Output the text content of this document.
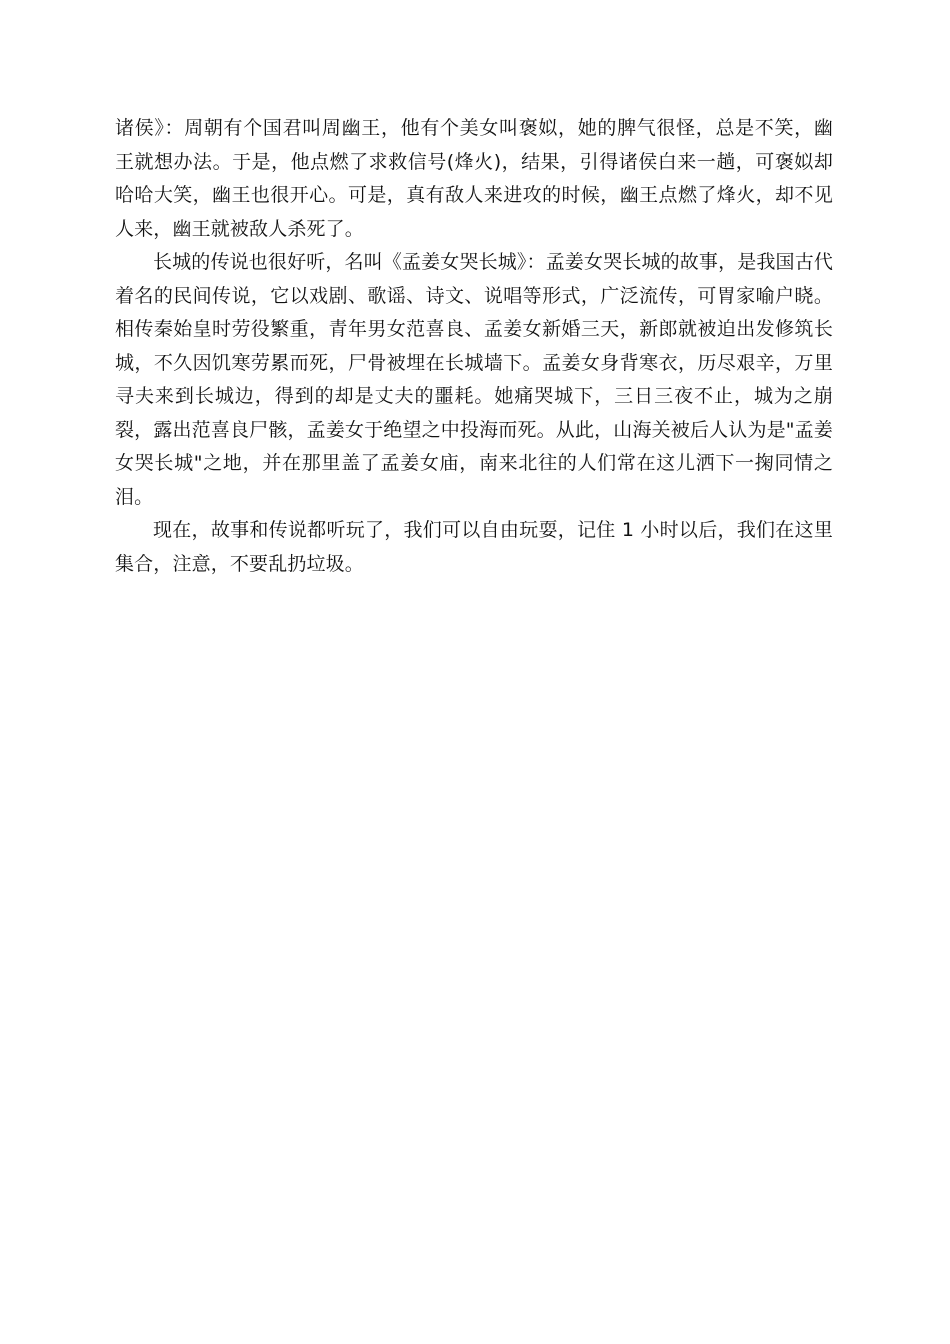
诸侯》：周朝有个国君叫周幽王，他有个美女叫褒姒，她的脾气很怪，总是不笑，幽王就想办法。于是，他点燃了求救信号(烽火)，结果，引得诸侯白来一趟，可褒姒却哈哈大笑，幽王也很开心。可是，真有敌人来进攻的时候，幽王点燃了烽火，却不见人来，幽王就被敌人杀死了。

长城的传说也很好听，名叫《孟姜女哭长城》：孟姜女哭长城的故事，是我国古代着名的民间传说，它以戏剧、歌谣、诗文、说唱等形式，广泛流传，可胃家喻户晓。相传秦始皇时劳役繁重，青年男女范喜良、孟姜女新婚三天，新郎就被迫出发修筑长城，不久因饥寒劳累而死，尸骨被埋在长城墙下。孟姜女身背寒衣，历尽艰辛，万里寻夫来到长城边，得到的却是丈夫的噩耗。她痛哭城下，三日三夜不止，城为之崩裂，露出范喜良尸骸，孟姜女于绝望之中投海而死。从此，山海关被后人认为是"孟姜女哭长城"之地，并在那里盖了孟姜女庙，南来北往的人们常在这儿洒下一掬同情之泪。

现在，故事和传说都听玩了，我们可以自由玩耍，记住 1 小时以后，我们在这里集合，注意，不要乱扔垃圾。
